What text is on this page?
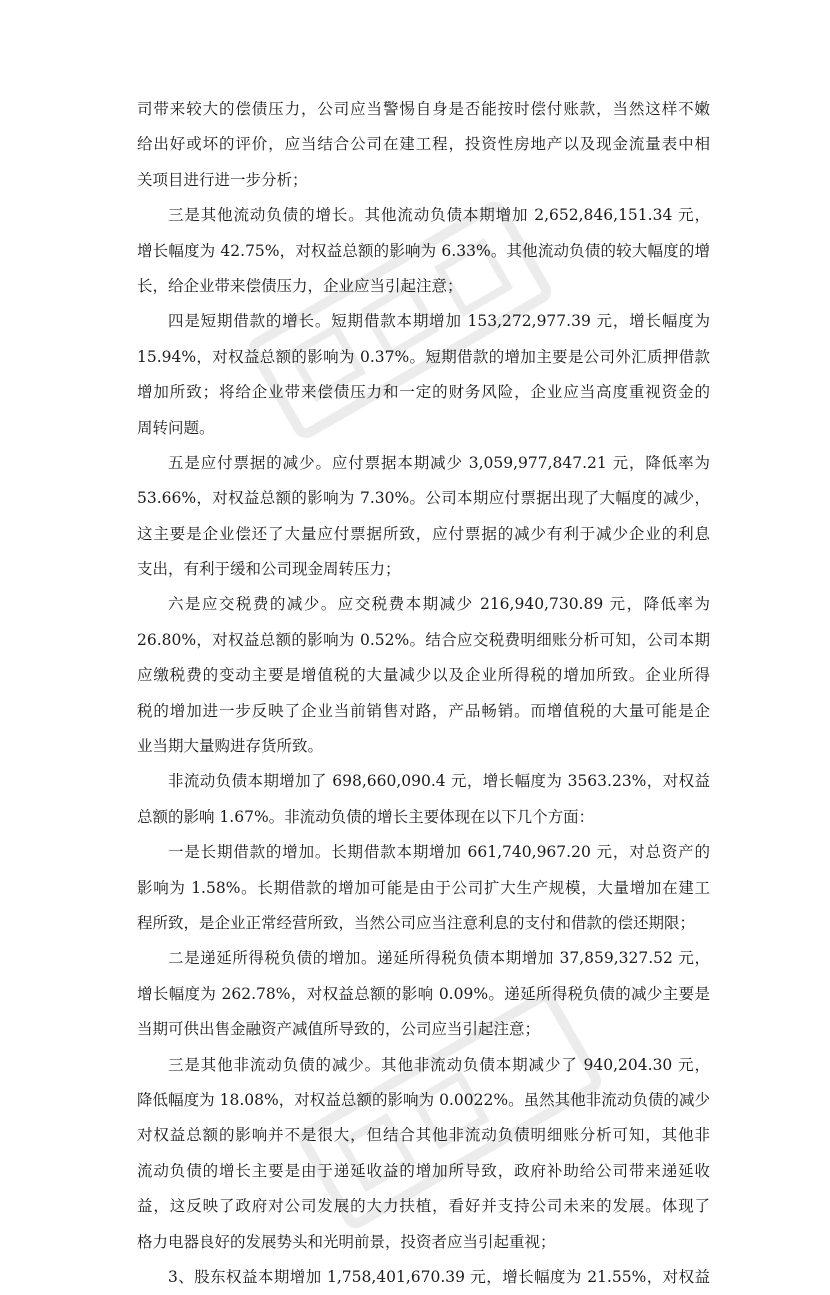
司带来较大的偿债压力，公司应当警惕自身是否能按时偿付账款，当然这样不嫩
给出好或坏的评价，应当结合公司在建工程，投资性房地产以及现金流量表中相
关项目进行进一步分析；
三是其他流动负债的增长。其他流动负债本期增加 2,652,846,151.34 元，
增长幅度为 42.75%，对权益总额的影响为 6.33%。其他流动负债的较大幅度的增
长，给企业带来偿债压力，企业应当引起注意；
四是短期借款的增长。短期借款本期增加 153,272,977.39 元，增长幅度为
15.94%，对权益总额的影响为 0.37%。短期借款的增加主要是公司外汇质押借款
增加所致；将给企业带来偿债压力和一定的财务风险，企业应当高度重视资金的
周转问题。
五是应付票据的减少。应付票据本期减少 3,059,977,847.21 元，降低率为
53.66%，对权益总额的影响为 7.30%。公司本期应付票据出现了大幅度的减少，
这主要是企业偿还了大量应付票据所致，应付票据的减少有利于减少企业的利息
支出，有利于缓和公司现金周转压力；
六是应交税费的减少。应交税费本期减少 216,940,730.89 元，降低率为
26.80%，对权益总额的影响为 0.52%。结合应交税费明细账分析可知，公司本期
应缴税费的变动主要是增值税的大量减少以及企业所得税的增加所致。企业所得
税的增加进一步反映了企业当前销售对路，产品畅销。而增值税的大量可能是企
业当期大量购进存货所致。
非流动负债本期增加了 698,660,090.4 元，增长幅度为 3563.23%，对权益
总额的影响 1.67%。非流动负债的增长主要体现在以下几个方面：
一是长期借款的增加。长期借款本期增加 661,740,967.20 元，对总资产的
影响为 1.58%。长期借款的增加可能是由于公司扩大生产规模，大量增加在建工
程所致，是企业正常经营所致，当然公司应当注意利息的支付和借款的偿还期限；
二是递延所得税负债的增加。递延所得税负债本期增加 37,859,327.52 元，
增长幅度为 262.78%，对权益总额的影响 0.09%。递延所得税负债的减少主要是
当期可供出售金融资产减值所导致的，公司应当引起注意；
三是其他非流动负债的减少。其他非流动负债本期减少了 940,204.30 元，
降低幅度为 18.08%，对权益总额的影响为 0.0022%。虽然其他非流动负债的减少
对权益总额的影响并不是很大，但结合其他非流动负债明细账分析可知，其他非
流动负债的增长主要是由于递延收益的增加所导致，政府补助给公司带来递延收
益，这反映了政府对公司发展的大力扶植，看好并支持公司未来的发展。体现了
格力电器良好的发展势头和光明前景，投资者应当引起重视；
3、股东权益本期增加 1,758,401,670.39 元，增长幅度为 21.55%，对权益
